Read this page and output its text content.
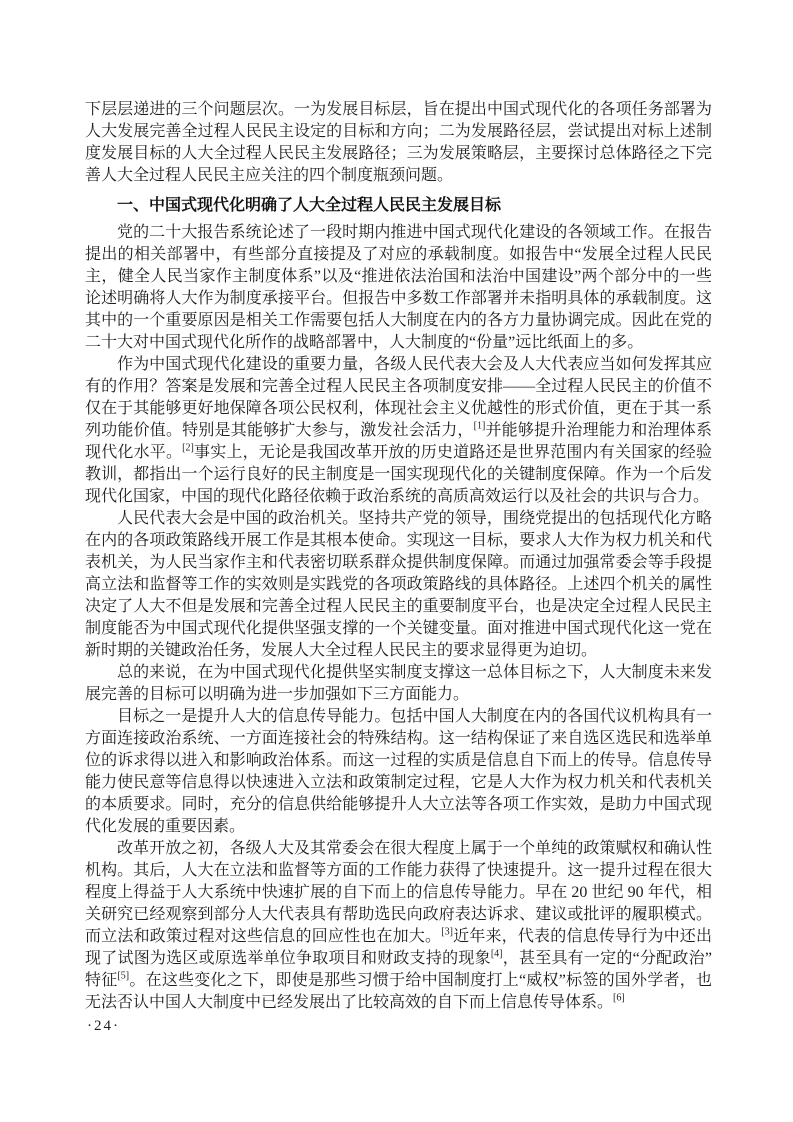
下层层递进的三个问题层次。一为发展目标层，旨在提出中国式现代化的各项任务部署为人大发展完善全过程人民民主设定的目标和方向；二为发展路径层，尝试提出对标上述制度发展目标的人大全过程人民民主发展路径；三为发展策略层，主要探讨总体路径之下完善人大全过程人民民主应关注的四个制度瓶颈问题。

一、中国式现代化明确了人大全过程人民民主发展目标

党的二十大报告系统论述了一段时期内推进中国式现代化建设的各领域工作。在报告提出的相关部署中，有些部分直接提及了对应的承载制度。如报告中“发展全过程人民民主，健全人民当家作主制度体系”以及“推进依法治国和法治中国建设”两个部分中的一些论述明确将人大作为制度承接平台。但报告中多数工作部署并未指明具体的承载制度。这其中的一个重要原因是相关工作需要包括人大制度在内的各方力量协调完成。因此在党的二十大对中国式现代化所作的战略部署中，人大制度的“份量”远比纸面上的多。

作为中国式现代化建设的重要力量，各级人民代表大会及人大代表应当如何发挥其应有的作用？答案是发展和完善全过程人民民主各项制度安排——全过程人民民主的价值不仅在于其能够更好地保障各项公民权利，体现社会主义优越性的形式价值，更在于其一系列功能价值。特别是其能够扩大参与，激发社会活力，[1]并能够提升治理能力和治理体系现代化水平。[2]事实上，无论是我国改革开放的历史道路还是世界范围内有关国家的经验教训，都指出一个运行良好的民主制度是一国实现现代化的关键制度保障。作为一个后发现代化国家，中国的现代化路径依赖于政治系统的高质高效运行以及社会的共识与合力。

人民代表大会是中国的政治机关。坚持共产党的领导，围绕党提出的包括现代化方略在内的各项政策路线开展工作是其根本使命。实现这一目标，要求人大作为权力机关和代表机关，为人民当家作主和代表密切联系群众提供制度保障。而通过加强常委会等手段提高立法和监督等工作的实效则是实践党的各项政策路线的具体路径。上述四个机关的属性决定了人大不但是发展和完善全过程人民民主的重要制度平台，也是决定全过程人民民主制度能否为中国式现代化提供坚强支撑的一个关键变量。面对推进中国式现代化这一党在新时期的关键政治任务，发展人大全过程人民民主的要求显得更为迫切。

总的来说，在为中国式现代化提供坚实制度支撑这一总体目标之下，人大制度未来发展完善的目标可以明确为进一步加强如下三方面能力。

目标之一是提升人大的信息传导能力。包括中国人大制度在内的各国代议机构具有一方面连接政治系统、一方面连接社会的特殊结构。这一结构保证了来自选区选民和选举单位的诉求得以进入和影响政治体系。而这一过程的实质是信息自下而上的传导。信息传导能力使民意等信息得以快速进入立法和政策制定过程，它是人大作为权力机关和代表机关的本质要求。同时，充分的信息供给能够提升人大立法等各项工作实效，是助力中国式现代化发展的重要因素。

改革开放之初，各级人大及其常委会在很大程度上属于一个单纯的政策赋权和确认性机构。其后，人大在立法和监督等方面的工作能力获得了快速提升。这一提升过程在很大程度上得益于人大系统中快速扩展的自下而上的信息传导能力。早在 20 世纪 90 年代，相关研究已经观察到部分人大代表具有帮助选民向政府表达诉求、建议或批评的履职模式。而立法和政策过程对这些信息的回应性也在加大。[3]近年来，代表的信息传导行为中还出现了试图为选区或原选举单位争取项目和财政支持的现象[4]，甚至具有一定的“分配政治”特征[5]。在这些变化之下，即使是那些习惯于给中国制度打上“威权”标签的国外学者，也无法否认中国人大制度中已经发展出了比较高效的自下而上信息传导体系。[6]

·24·
